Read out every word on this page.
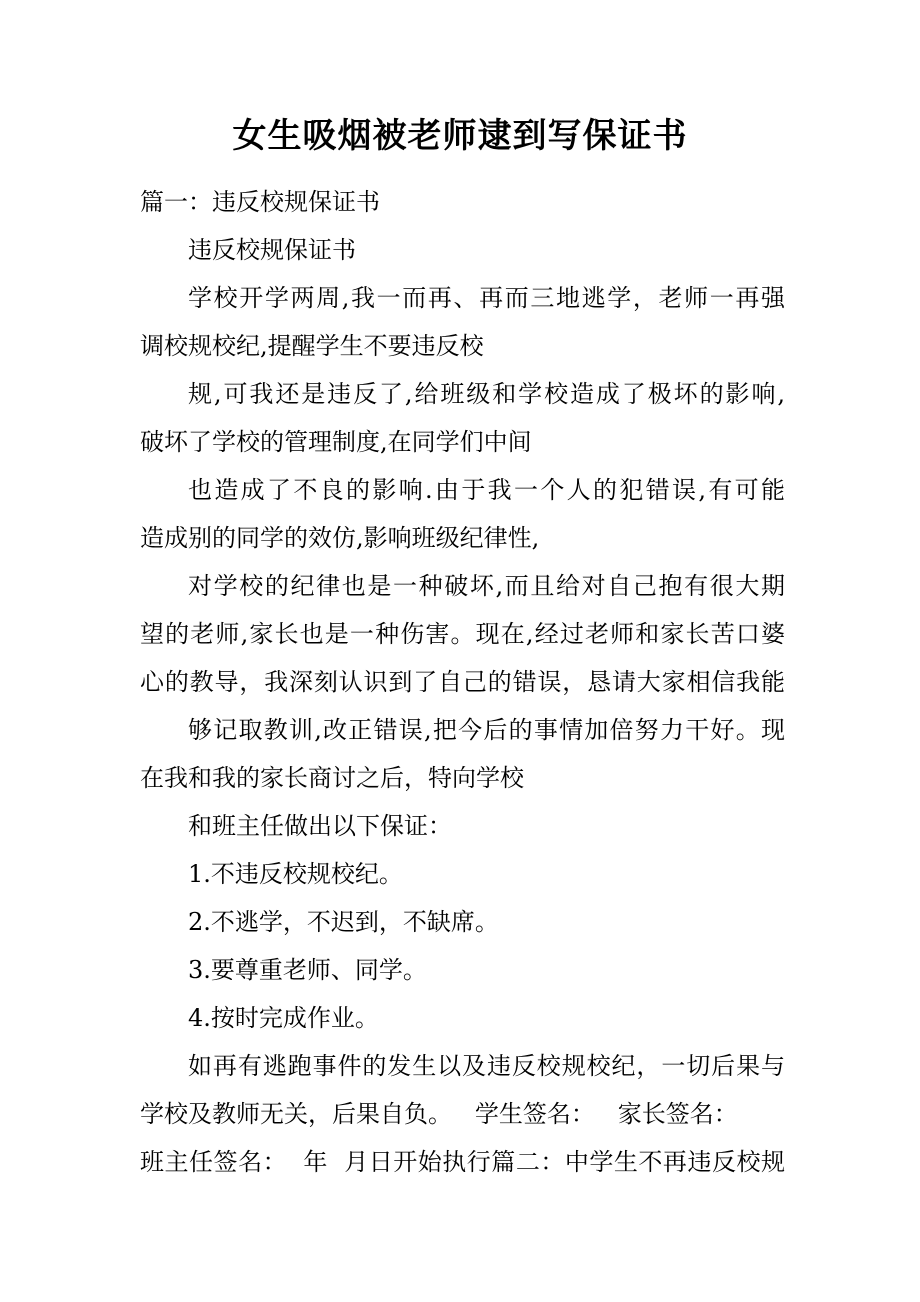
女生吸烟被老师逮到写保证书
篇一：违反校规保证书
违反校规保证书
学校开学两周,我一而再、再而三地逃学，老师一再强
调校规校纪,提醒学生不要违反校
规,可我还是违反了,给班级和学校造成了极坏的影响,
破坏了学校的管理制度,在同学们中间
也造成了不良的影响.由于我一个人的犯错误,有可能
造成别的同学的效仿,影响班级纪律性,
对学校的纪律也是一种破坏,而且给对自己抱有很大期
望的老师,家长也是一种伤害。现在,经过老师和家长苦口婆
心的教导，我深刻认识到了自己的错误，恳请大家相信我能
够记取教训,改正错误,把今后的事情加倍努力干好。现
在我和我的家长商讨之后，特向学校
和班主任做出以下保证：
1.不违反校规校纪。
2.不逃学，不迟到，不缺席。
3.要尊重老师、同学。
4.按时完成作业。
如再有逃跑事件的发生以及违反校规校纪，一切后果与
学校及教师无关，后果自负。   学生签名：   家长签名：
班主任签名：  年  月日开始执行篇二：中学生不再违反校规
